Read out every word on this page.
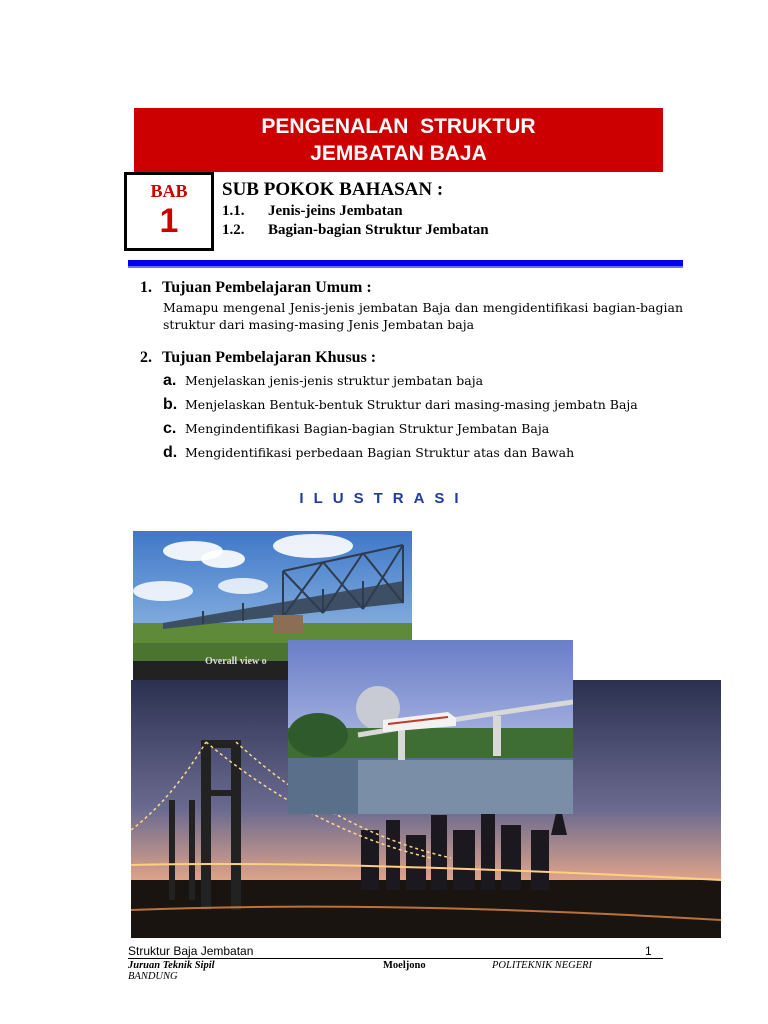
PENGENALAN  STRUKTUR
JEMBATAN BAJA
BAB
1
SUB POKOK BAHASAN :
1.1. Jenis-jeins Jembatan
1.2. Bagian-bagian Struktur Jembatan
1. Tujuan Pembelajaran Umum :
Mamapu mengenal Jenis-jenis jembatan Baja dan mengidentifikasi bagian-bagian struktur dari masing-masing Jenis Jembatan baja
2. Tujuan Pembelajaran Khusus :
a. Menjelaskan jenis-jenis struktur jembatan baja
b. Menjelaskan Bentuk-bentuk Struktur dari masing-masing jembatn Baja
c. Mengindentifikasi Bagian-bagian Struktur Jembatan Baja
d. Mengidentifikasi perbedaan Bagian Struktur atas dan Bawah
ILUSTRASI
Overall view o
Struktur Baja Jembatan	1
Juruan Teknik Sipil	Moeljono	POLITEKNIK NEGERI
BANDUNG
